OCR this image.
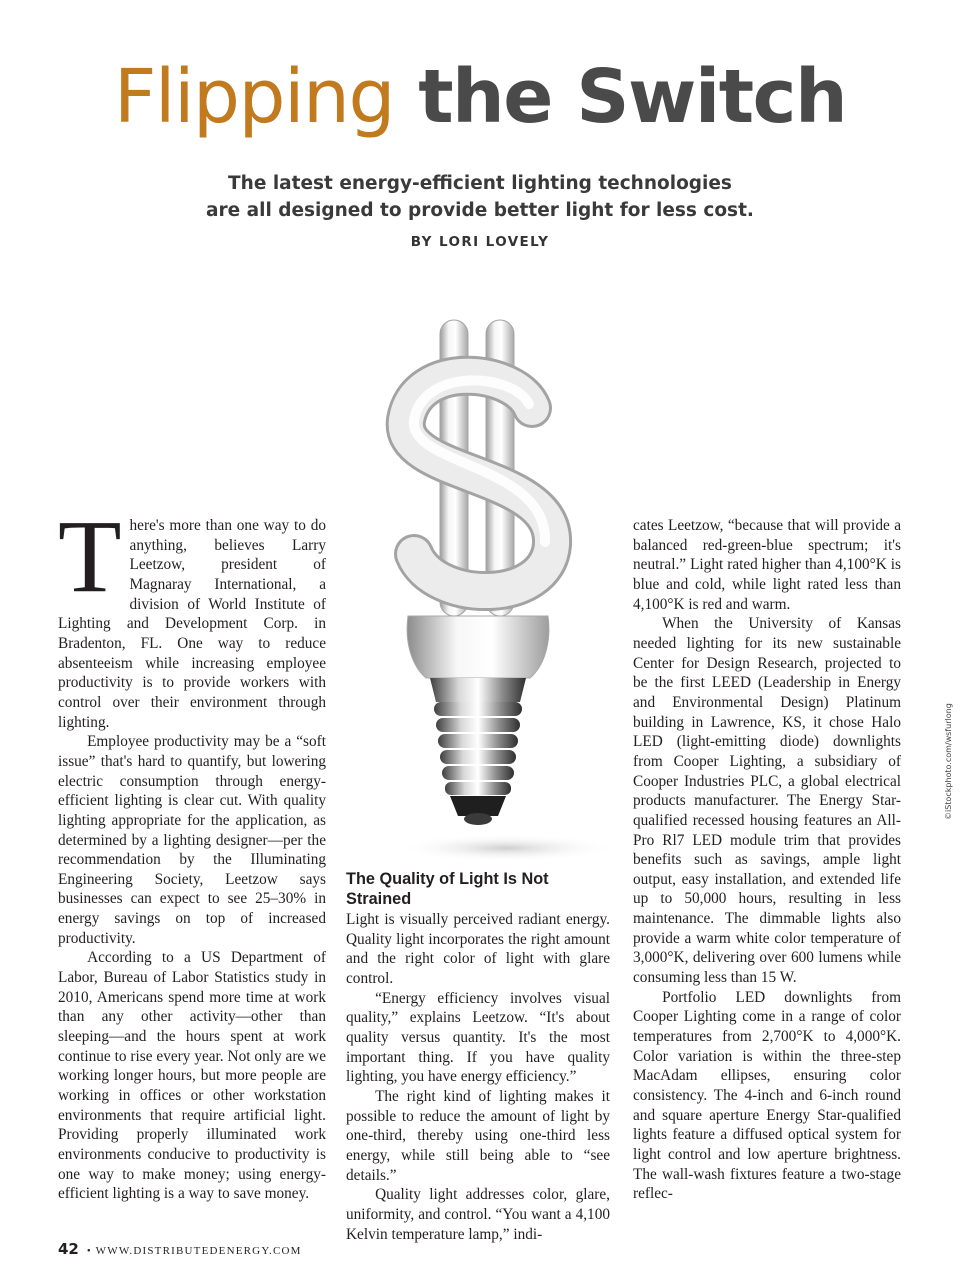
Flipping the Switch
The latest energy-efficient lighting technologies
are all designed to provide better light for less cost.
BY LORI LOVELY
©iStockphoto.com/wsfurlong

There's more than one way to do anything, believes Larry Leetzow, president of Magnaray International, a division of World Institute of Lighting and Development Corp. in Bradenton, FL. One way to reduce absenteeism while increasing employee productivity is to provide workers with control over their environment through lighting.

Employee productivity may be a “soft issue” that's hard to quantify, but lowering electric consumption through energy-efficient lighting is clear cut. With quality lighting appropriate for the application, as determined by a lighting designer—per the recommendation by the Illuminating Engineering Society, Leetzow says businesses can expect to see 25–30% in energy savings on top of increased productivity.

According to a US Department of Labor, Bureau of Labor Statistics study in 2010, Americans spend more time at work than any other activity—other than sleeping—and the hours spent at work continue to rise every year. Not only are we working longer hours, but more people are working in offices or other workstation environments that require artificial light. Providing properly illuminated work environments conducive to productivity is one way to make money; using energy-efficient lighting is a way to save money.

The Quality of Light Is Not Strained

Light is visually perceived radiant energy. Quality light incorporates the right amount and the right color of light with glare control.

“Energy efficiency involves visual quality,” explains Leetzow. “It's about quality versus quantity. It's the most important thing. If you have quality lighting, you have energy efficiency.”

The right kind of lighting makes it possible to reduce the amount of light by one-third, thereby using one-third less energy, while still being able to “see details.”

Quality light addresses color, glare, uniformity, and control. “You want a 4,100 Kelvin temperature lamp,” indi-

cates Leetzow, “because that will provide a balanced red-green-blue spectrum; it's neutral.” Light rated higher than 4,100°K is blue and cold, while light rated less than 4,100°K is red and warm.

When the University of Kansas needed lighting for its new sustainable Center for Design Research, projected to be the first LEED (Leadership in Energy and Environmental Design) Platinum building in Lawrence, KS, it chose Halo LED (light-emitting diode) downlights from Cooper Lighting, a subsidiary of Cooper Industries PLC, a global electrical products manufacturer. The Energy Star-qualified recessed housing features an All-Pro Rl7 LED module trim that provides benefits such as savings, ample light output, easy installation, and extended life up to 50,000 hours, resulting in less maintenance. The dimmable lights also provide a warm white color temperature of 3,000°K, delivering over 600 lumens while consuming less than 15 W.

Portfolio LED downlights from Cooper Lighting come in a range of color temperatures from 2,700°K to 4,000°K. Color variation is within the three-step MacAdam ellipses, ensuring color consistency. The 4-inch and 6-inch round and square aperture Energy Star-qualified lights feature a diffused optical system for light control and low aperture brightness. The wall-wash fixtures feature a two-stage reflec-

42 • WWW.DISTRIBUTEDENERGY.COM
